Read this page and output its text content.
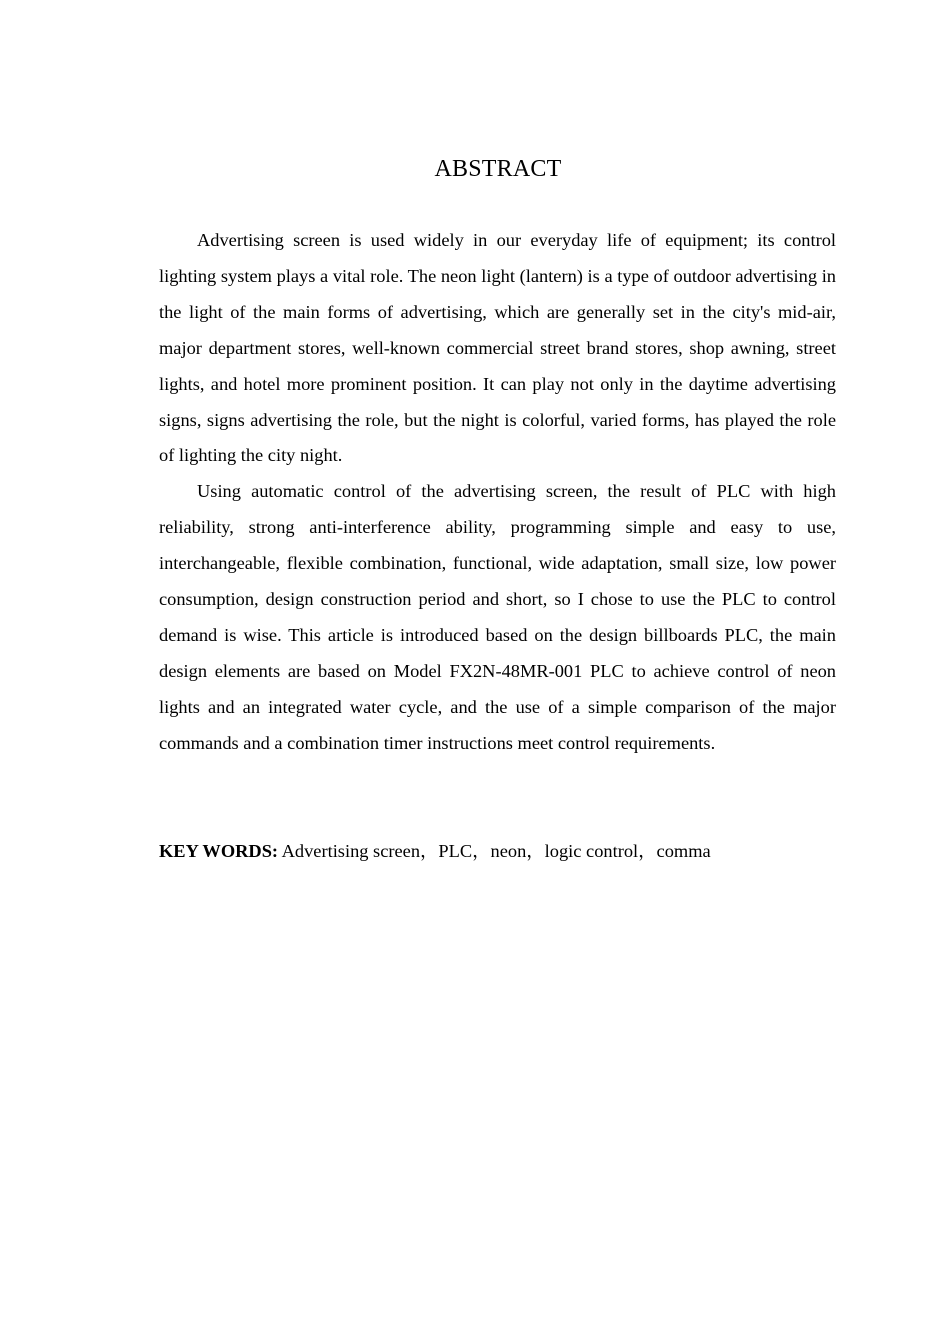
ABSTRACT

Advertising screen is used widely in our everyday life of equipment; its control lighting system plays a vital role. The neon light (lantern) is a type of outdoor advertising in the light of the main forms of advertising, which are generally set in the city's mid-air, major department stores, well-known commercial street brand stores, shop awning, street lights, and hotel more prominent position. It can play not only in the daytime advertising signs, signs advertising the role, but the night is colorful, varied forms, has played the role of lighting the city night.

Using automatic control of the advertising screen, the result of PLC with high reliability, strong anti-interference ability, programming simple and easy to use, interchangeable, flexible combination, functional, wide adaptation, small size, low power consumption, design construction period and short, so I chose to use the PLC to control demand is wise. This article is introduced based on the design billboards PLC, the main design elements are based on Model FX2N-48MR-001 PLC to achieve control of neon lights and an integrated water cycle, and the use of a simple comparison of the major commands and a combination timer instructions meet control requirements.

KEY WORDS: Advertising screen，PLC，neon，logic control，comma
